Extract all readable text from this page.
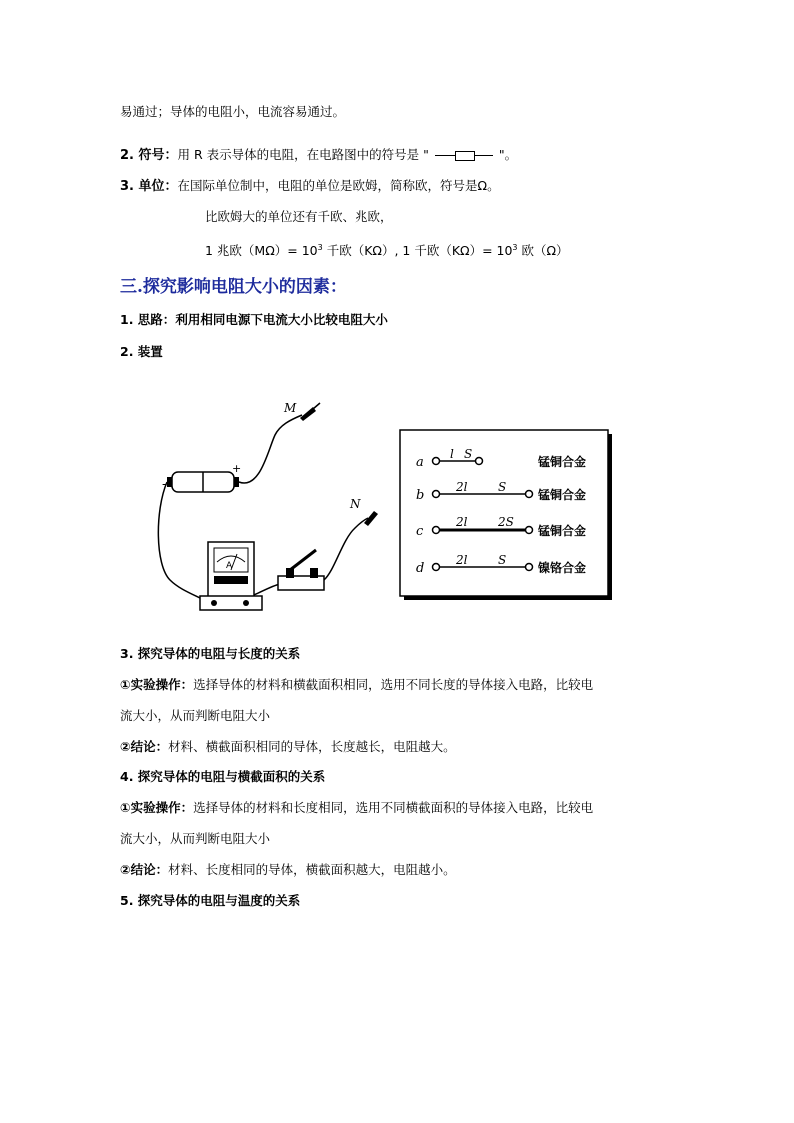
易通过；导体的电阻小，电流容易通过。
2. 符号：用 R 表示导体的电阻，在电路图中的符号是 "	"。
3. 单位：在国际单位制中，电阻的单位是欧姆，简称欧，符号是Ω。
比欧姆大的单位还有千欧、兆欧，
1 兆欧$(M\Omega)= 10^3$ 千欧（KΩ）, 1 千欧$(K\Omega)= 10^3$ 欧（Ω）
三.探究影响电阻大小的因素：
1. 思路：利用相同电源下电流大小比较电阻大小
2. 装置
-
+
M
A
N
a
l S
锰铜合金
b
2l	S
锰铜合金
c
2l	2S
锰铜合金
d
2l	S
镍铬合金
3. 探究导体的电阻与长度的关系
①实验操作：选择导体的材料和横截面积相同，选用不同长度的导体接入电路，比较电
流大小，从而判断电阻大小
②结论：材料、横截面积相同的导体，长度越长，电阻越大。
4. 探究导体的电阻与横截面积的关系
①实验操作：选择导体的材料和长度相同，选用不同横截面积的导体接入电路，比较电
流大小，从而判断电阻大小
②结论：材料、长度相同的导体，横截面积越大，电阻越小。
5. 探究导体的电阻与温度的关系
